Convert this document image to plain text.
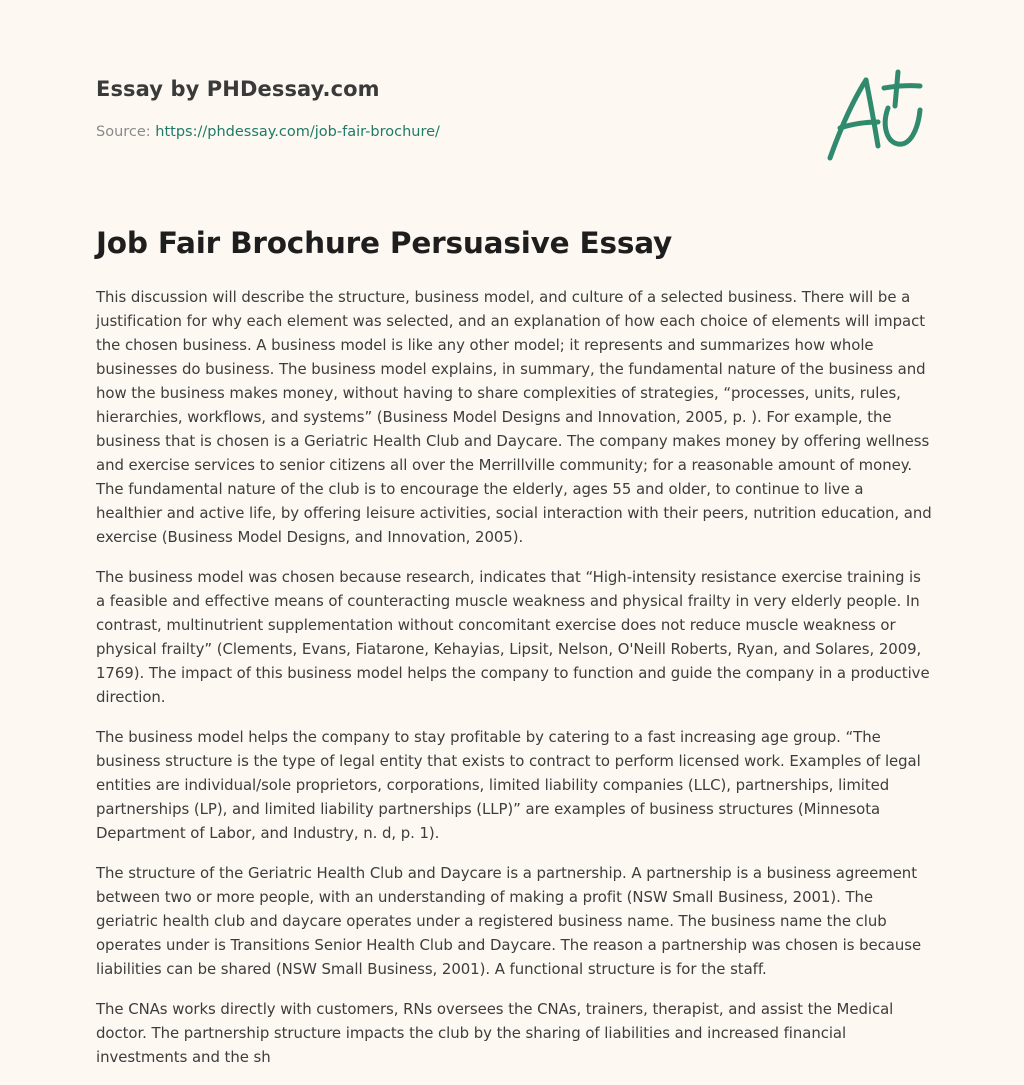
Essay by PHDessay.com
Source: https://phdessay.com/job-fair-brochure/
Job Fair Brochure Persuasive Essay

This discussion will describe the structure, business model, and culture of a selected business. There will be a justification for why each element was selected, and an explanation of how each choice of elements will impact the chosen business. A business model is like any other model; it represents and summarizes how whole businesses do business. The business model explains, in summary, the fundamental nature of the business and how the business makes money, without having to share complexities of strategies, “processes, units, rules, hierarchies, workflows, and systems” (Business Model Designs and Innovation, 2005, p. ). For example, the business that is chosen is a Geriatric Health Club and Daycare. The company makes money by offering wellness and exercise services to senior citizens all over the Merrillville community; for a reasonable amount of money. The fundamental nature of the club is to encourage the elderly, ages 55 and older, to continue to live a healthier and active life, by offering leisure activities, social interaction with their peers, nutrition education, and exercise (Business Model Designs, and Innovation, 2005).

The business model was chosen because research, indicates that “High-intensity resistance exercise training is a feasible and effective means of counteracting muscle weakness and physical frailty in very elderly people. In contrast, multinutrient supplementation without concomitant exercise does not reduce muscle weakness or physical frailty” (Clements, Evans, Fiatarone, Kehayias, Lipsit, Nelson, O'Neill Roberts, Ryan, and Solares, 2009, 1769). The impact of this business model helps the company to function and guide the company in a productive direction.

The business model helps the company to stay profitable by catering to a fast increasing age group. “The business structure is the type of legal entity that exists to contract to perform licensed work. Examples of legal entities are individual/sole proprietors, corporations, limited liability companies (LLC), partnerships, limited partnerships (LP), and limited liability partnerships (LLP)” are examples of business structures (Minnesota Department of Labor, and Industry, n. d, p. 1).

The structure of the Geriatric Health Club and Daycare is a partnership. A partnership is a business agreement between two or more people, with an understanding of making a profit (NSW Small Business, 2001). The geriatric health club and daycare operates under a registered business name. The business name the club operates under is Transitions Senior Health Club and Daycare. The reason a partnership was chosen is because liabilities can be shared (NSW Small Business, 2001). A functional structure is for the staff.

The CNAs works directly with customers, RNs oversees the CNAs, trainers, therapist, and assist the Medical doctor. The partnership structure impacts the club by the sharing of liabilities and increased financial investments and the sh
